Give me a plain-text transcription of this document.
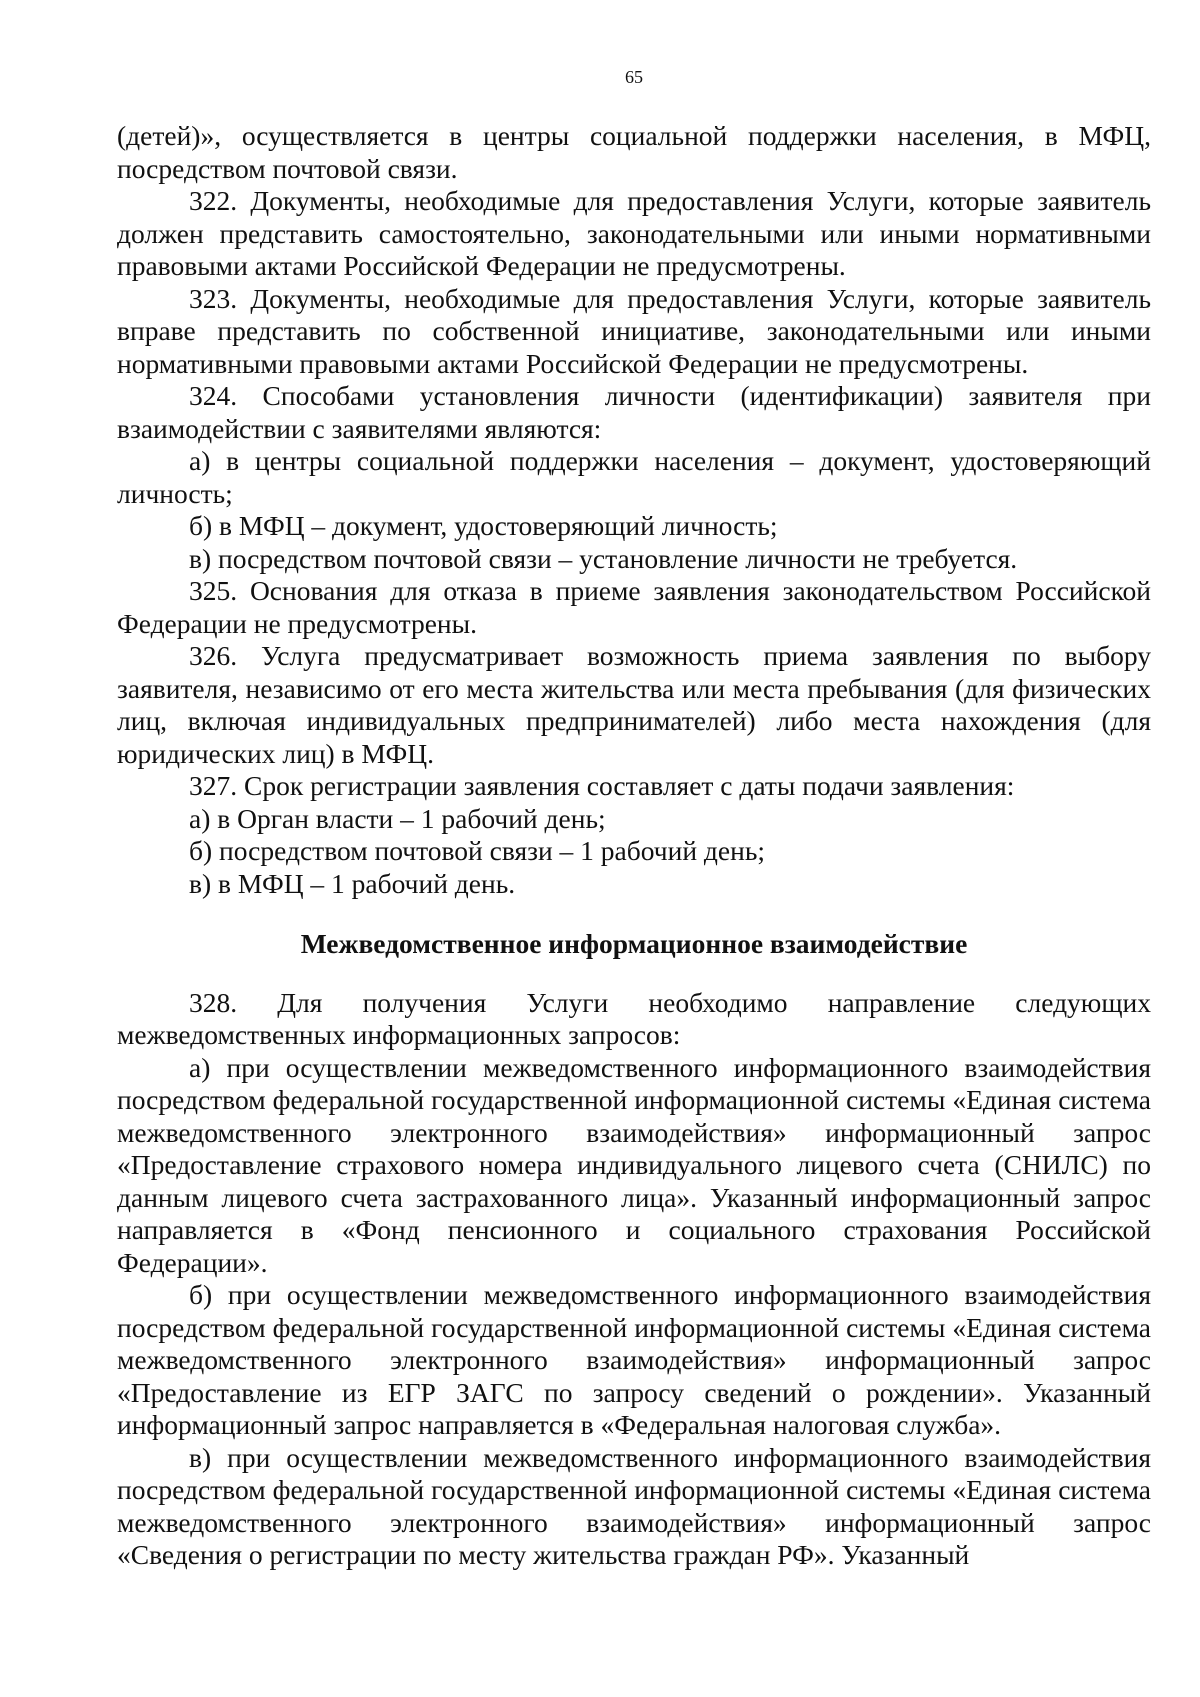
65

(детей)», осуществляется в центры социальной поддержки населения, в МФЦ, посредством почтовой связи.

322. Документы, необходимые для предоставления Услуги, которые заявитель должен представить самостоятельно, законодательными или иными нормативными правовыми актами Российской Федерации не предусмотрены.

323. Документы, необходимые для предоставления Услуги, которые заявитель вправе представить по собственной инициативе, законодательными или иными нормативными правовыми актами Российской Федерации не предусмотрены.

324. Способами установления личности (идентификации) заявителя при взаимодействии с заявителями являются:

а) в центры социальной поддержки населения – документ, удостоверяющий личность;

б) в МФЦ – документ, удостоверяющий личность;

в) посредством почтовой связи – установление личности не требуется.

325. Основания для отказа в приеме заявления законодательством Российской Федерации не предусмотрены.

326. Услуга предусматривает возможность приема заявления по выбору заявителя, независимо от его места жительства или места пребывания (для физических лиц, включая индивидуальных предпринимателей) либо места нахождения (для юридических лиц) в МФЦ.

327. Срок регистрации заявления составляет с даты подачи заявления:

а) в Орган власти – 1 рабочий день;

б) посредством почтовой связи – 1 рабочий день;

в) в МФЦ – 1 рабочий день.

Межведомственное информационное взаимодействие

328. Для получения Услуги необходимо направление следующих межведомственных информационных запросов:

а) при осуществлении межведомственного информационного взаимодействия посредством федеральной государственной информационной системы «Единая система межведомственного электронного взаимодействия» информационный запрос «Предоставление страхового номера индивидуального лицевого счета (СНИЛС) по данным лицевого счета застрахованного лица». Указанный информационный запрос направляется в «Фонд пенсионного и социального страхования Российской Федерации».

б) при осуществлении межведомственного информационного взаимодействия посредством федеральной государственной информационной системы «Единая система межведомственного электронного взаимодействия» информационный запрос «Предоставление из ЕГР ЗАГС по запросу сведений о рождении». Указанный информационный запрос направляется в «Федеральная налоговая служба».

в) при осуществлении межведомственного информационного взаимодействия посредством федеральной государственной информационной системы «Единая система межведомственного электронного взаимодействия» информационный запрос «Сведения о регистрации по месту жительства граждан РФ». Указанный
